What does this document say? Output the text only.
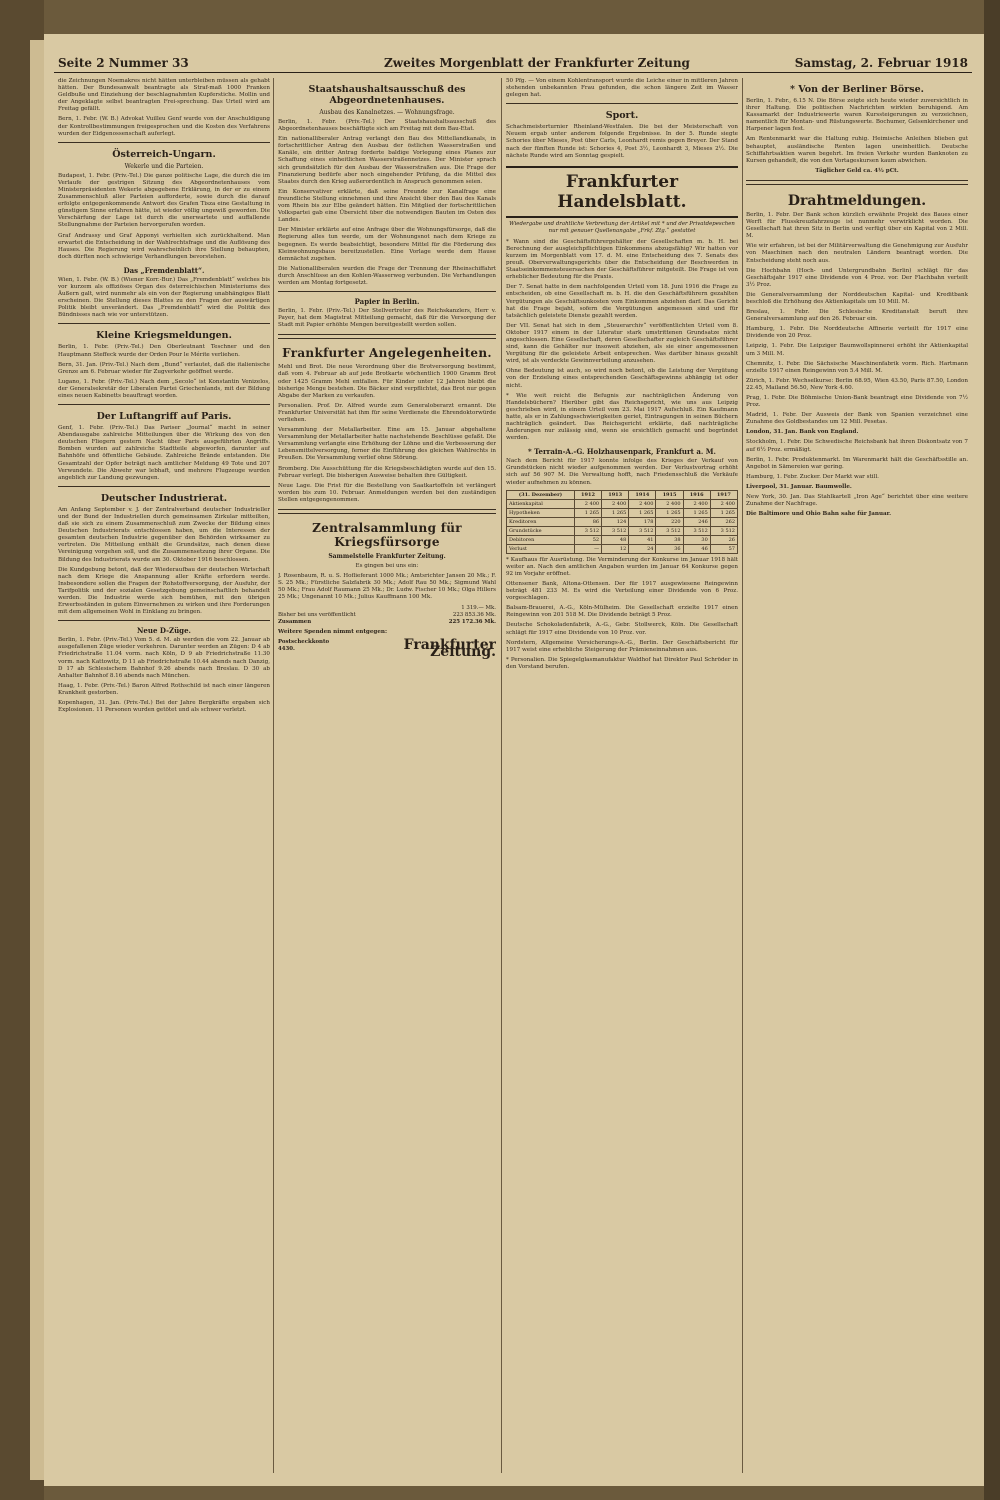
Seite 2 Nummer 33	Zweites Morgenblatt der Frankfurter Zeitung	Samstag, 2. Februar 1918

die Zeichnungen Noemakres nicht hätten unterbleiben müssen als gehabt hätten. Der Bundesanwalt beantragte als Straf-maß 1000 Franken Geldbuße und Einziehung der beschlagnahmten Kupferstiche. Mollin und der Angeklagte selbst beantragten Frei-sprechung. Das Urteil wird am Freitag gefällt.

Bern, 1. Febr. (W. B.) Advokat Vuilleu Genf wurde von der Anschuldigung der Kontrollbestimmungen freigesprochen und die Kosten des Verfahrens wurden der Eidgenossenschaft auferlegt.

Österreich-Ungarn.
Wekerle und die Parteien.

Budapest, 1. Febr. (Priv.-Tel.) Die ganze politische Lage, die durch die im Verlaufe der gestrigen Sitzung des Abgeordnetenhauses vom Ministerpräsidenten Wekerle abgegebene Erklärung, in der er zu einem Zusammenschluß aller Parteien aufforderte, sowie durch die darauf erfolgte entgegenkommende Antwort des Grafen Tisza eine Gestaltung in günstigem Sinne erfahren hätte, ist wieder völlig ungewiß geworden. Die Verschärfung der Lage ist durch die unerwartete und auffallende Stellungnahme der Parteien hervorgerufen worden.

Graf Andrassy und Graf Apponyi verhielten sich zurückhaltend. Man erwartet die Entscheidung in der Wahlrechtsfrage und die Auflösung des Hauses. Die Regierung wird wahrscheinlich ihre Stellung behaupten, doch dürften noch schwierige Verhandlungen bevorstehen.

Das „Fremdenblatt“.

Wien, 1. Febr. (W. B.) (Wiener Korr.-Bur.) Das „Fremdenblatt“ welches bis vor kurzem als offiziöses Organ des österreichischen Ministeriums des Äußern galt, wird nunmehr als ein von der Regierung unabhängiges Blatt erscheinen. Die Stellung dieses Blattes zu den Fragen der auswärtigen Politik bleibt unverändert. Das „Fremdenblatt“ wird die Politik des Bündnisses nach wie vor unterstützen.

Kleine Kriegsmeldungen.

Berlin, 1. Febr. (Priv.-Tel.) Den Oberleutnant Teschner und den Hauptmann Steffeck wurde der Orden Pour le Mérite verliehen.

Bern, 31. Jan. (Priv.-Tel.) Nach dem „Bund“ verlautet, daß die italienische Grenze am 6. Februar wieder für Zugverkehr geöffnet werde.

Lugano, 1. Febr. (Priv.-Tel.) Nach dem „Secolo“ ist Konstantin Venizelos, der Generalsekretär der Liberalen Partei Griechenlands, mit der Bildung eines neuen Kabinetts beauftragt worden.

Der Luftangriff auf Paris.

Genf, 1. Febr. (Priv.-Tel.) Das Pariser „Journal“ macht in seiner Abendausgabe zahlreiche Mitteilungen über die Wirkung des von den deutschen Fliegern gestern Nacht über Paris ausgeführten Angriffs. Bomben wurden auf zahlreiche Stadtteile abgeworfen, darunter auf Bahnhöfe und öffentliche Gebäude. Zahlreiche Brände entstanden. Die Gesamtzahl der Opfer beträgt nach amtlicher Meldung 49 Tote und 207 Verwundete. Die Abwehr war lebhaft, und mehrere Flugzeuge wurden angeblich zur Landung gezwungen.

Deutscher Industrierat.

Am Anfang September v. J. der Zentralverband deutscher Industrieller und der Bund der Industriellen durch gemeinsamen Zirkular mitteilten, daß sie sich zu einem Zusammenschluß zum Zwecke der Bildung eines Deutschen Industrierats entschlossen haben, um die Interessen der gesamten deutschen Industrie gegenüber den Behörden wirksamer zu vertreten. Die Mitteilung enthält die Grundsätze, nach denen diese Vereinigung vorgehen soll, und die Zusammensetzung ihrer Organe. Die Bildung des Industrierats wurde am 30. Oktober 1916 beschlossen.

Die Kundgebung betont, daß der Wiederaufbau der deutschen Wirtschaft nach dem Kriege die Anspannung aller Kräfte erfordern werde. Insbesondere sollen die Fragen der Rohstoffversorgung, der Ausfuhr, der Tarifpolitik und der sozialen Gesetzgebung gemeinschaftlich behandelt werden. Die Industrie werde sich bemühen, mit den übrigen Erwerbsständen in gutem Einvernehmen zu wirken und ihre Forderungen mit dem allgemeinen Wohl in Einklang zu bringen.

Neue D-Züge.

Berlin, 1. Febr. (Priv.-Tel.) Vom 5. d. M. ab werden die vom 22. Januar ab ausgefallenen Züge wieder verkehren. Darunter werden an Zügen: D 4 ab Friedrichstraße 11.04 vorm. nach Köln, D 9 ab Friedrichstraße 11.30 vorm. nach Kattowitz, D 11 ab Friedrichstraße 10.44 abends nach Danzig, D 17 ab Schlesischem Bahnhof 9.26 abends nach Breslau. D 30 ab Anhalter Bahnhof 8.16 abends nach München.

Haag, 1. Febr. (Priv.-Tel.) Baron Alfred Rothschild ist nach einer längeren Krankheit gestorben.

Kopenhagen, 31. Jan. (Priv.-Tel.) Bei der Jahre Bergkräfte ergaben sich Explosionen. 11 Personen wurden getötet und als schwer verletzt.

Staatshaushaltsausschuß des Abgeordnetenhauses.
Ausbau des Kanalnetzes. — Wohnungsfrage.

Berlin, 1. Febr. (Priv.-Tel.) Der Staatshaushaltsausschuß des Abgeordnetenhauses beschäftigte sich am Freitag mit dem Bau-Etat.

Ein nationalliberaler Antrag verlangt den Bau des Mittellandkanals, in fortschrittlicher Antrag den Ausbau der östlichen Wasserstraßen und Kanäle, ein dritter Antrag forderte baldige Vorlegung eines Planes zur Schaffung eines einheitlichen Wasserstraßennetzes. Der Minister sprach sich grundsätzlich für den Ausbau der Wasserstraßen aus. Die Frage der Finanzierung bedürfe aber noch eingehender Prüfung, da die Mittel des Staates durch den Krieg außerordentlich in Anspruch genommen seien.

Ein Konservativer erklärte, daß seine Freunde zur Kanalfrage eine freundliche Stellung einnehmen und ihre Ansicht über den Bau des Kanals vom Rhein bis zur Elbe geändert hätten. Ein Mitglied der fortschrittlichen Volkspartei gab eine Übersicht über die notwendigen Bauten im Osten des Landes.

Der Minister erklärte auf eine Anfrage über die Wohnungsfürsorge, daß die Regierung alles tun werde, um der Wohnungsnot nach dem Kriege zu begegnen. Es werde beabsichtigt, besondere Mittel für die Förderung des Kleinwohnungsbaus bereitzustellen. Eine Vorlage werde dem Hause demnächst zugehen.

Die Nationalliberalen wurden die Frage der Trennung der Rheinschiffahrt durch Anschlüsse an den Kohlen-Wasserweg verbunden. Die Verhandlungen werden am Montag fortgesetzt.

Papier in Berlin.

Berlin, 1. Febr. (Priv.-Tel.) Der Stellvertreter des Reichskanzlers, Herr v. Payer, hat dem Magistrat Mitteilung gemacht, daß für die Versorgung der Stadt mit Papier erhöhte Mengen bereitgestellt werden sollen.

Frankfurter Angelegenheiten.

Mehl und Brot. Die neue Verordnung über die Brotversorgung bestimmt, daß vom 4. Februar ab auf jede Brotkarte wöchentlich 1900 Gramm Brot oder 1425 Gramm Mehl entfallen. Für Kinder unter 12 Jahren bleibt die bisherige Menge bestehen. Die Bäcker sind verpflichtet, das Brot nur gegen Abgabe der Marken zu verkaufen.

Personalien. Prof. Dr. Alfred wurde zum Generaloberarzt ernannt. Die Frankfurter Universität hat ihm für seine Verdienste die Ehrendoktorwürde verliehen.

Versammlung der Metallarbeiter. Eine am 15. Januar abgehaltene Versammlung der Metallarbeiter hatte nachstehende Beschlüsse gefaßt. Die Versammlung verlangte eine Erhöhung der Löhne und die Verbesserung der Lebensmittelversorgung, ferner die Einführung des gleichen Wahlrechts in Preußen. Die Versammlung verlief ohne Störung.

Bromberg. Die Ausschüttung für die Kriegsbeschädigten wurde auf den 15. Februar verlegt. Die bisherigen Ausweise behalten ihre Gültigkeit.

Neue Lage. Die Frist für die Bestellung von Saatkartoffeln ist verlängert worden bis zum 10. Februar. Anmeldungen werden bei den zuständigen Stellen entgegengenommen.

Zentralsammlung für Kriegsfürsorge
Sammelstelle Frankfurter Zeitung.

Es gingen bei uns ein:

J. Rosenbaum, R. u. S. Hoflieferant 1000 Mk.; Amtsrichter Jansen 20 Mk.; F. S. 25 Mk.; Fürstliche Salzfabrik 30 Mk.; Adolf Rau 50 Mk.; Sigmund Wahl 50 Mk.; Frau Adolf Raumann 25 Mk.; Dr. Ludw. Fischer 10 Mk.; Olga Hillers 25 Mk.; Ungenannt 10 Mk.; Julius Kauffmann 100 Mk.

1 319.— Mk.
Bisher bei uns veröffentlicht	223 853.36 Mk.
Zusammen	225 172.36 Mk.

Weitere Spenden nimmt entgegen:

Postscheckkonto 4430.	Frankfurter Zeitung.

50 Pfg. — Von einem Kohlentransport wurde die Leiche einer in mittleren Jahren stehenden unbekannten Frau gefunden, die schon längere Zeit im Wasser gelegen hat.

Sport.

Schachmeisterturnier Rheinland-Westfalen. Die bei der Meisterschaft von Neuem ergab unter anderem folgende Ergebnisse. In der 5. Runde siegte Schories über Mieses, Post über Carls, Leonhardt remis gegen Breyer. Der Stand nach der fünften Runde ist: Schories 4, Post 3½, Leonhardt 3, Mieses 2½. Die nächste Runde wird am Sonntag gespielt.

Frankfurter Handelsblatt.
Wiedergabe und drahtliche Verbreitung der Artikel mit * und der Privatdepeschen nur mit genauer Quellenangabe „Frkf. Ztg.“ gestattet

* Wann sind die Geschäftsführergehälter der Gesellschaften m. b. H. bei Berechnung der ausgleichpflichtigen Einkommens abzugsfähig? Wir hatten vor kurzem im Morgenblatt vom 17. d. M. eine Entscheidung des 7. Senats des preuß. Oberverwaltungsgerichts über die Entscheidung der Beschwerden in Staatseinkommensteuersachen der Geschäftsführer mitgeteilt. Die Frage ist von erheblicher Bedeutung für die Praxis.

Der 7. Senat hatte in dem nachfolgenden Urteil vom 18. Juni 1916 die Frage zu entscheiden, ob eine Gesellschaft m. b. H. die den Geschäftsführern gezahlten Vergütungen als Geschäftsunkosten vom Einkommen abziehen darf. Das Gericht hat die Frage bejaht, sofern die Vergütungen angemessen sind und für tatsächlich geleistete Dienste gezahlt werden.

Der VII. Senat hat sich in dem „Steuerarchiv“ veröffentlichten Urteil vom 8. Oktober 1917 einem in der Literatur stark umstrittenen Grundsatze nicht angeschlossen. Eine Gesellschaft, deren Gesellschafter zugleich Geschäftsführer sind, kann die Gehälter nur insoweit abziehen, als sie einer angemessenen Vergütung für die geleistete Arbeit entsprechen. Was darüber hinaus gezahlt wird, ist als verdeckte Gewinnverteilung anzusehen.

Ohne Bedeutung ist auch, so wird noch betont, ob die Leistung der Vergütung von der Erzielung eines entsprechenden Geschäftsgewinns abhängig ist oder nicht.

* Wie weit reicht die Befugnis zur nachträglichen Änderung von Handelsbüchern? Hierüber gibt das Reichsgericht, wie uns aus Leipzig geschrieben wird, in einem Urteil vom 23. Mai 1917 Aufschluß. Ein Kaufmann hatte, als er in Zahlungsschwierigkeiten geriet, Eintragungen in seinen Büchern nachträglich geändert. Das Reichsgericht erklärte, daß nachträgliche Änderungen nur zulässig sind, wenn sie ersichtlich gemacht und begründet werden.

* Terrain-A.-G. Holzhausenpark, Frankfurt a. M.

Nach dem Bericht für 1917 konnte infolge des Krieges der Verkauf von Grundstücken nicht wieder aufgenommen werden. Der Verlustvortrag erhöht sich auf 56 907 M. Die Verwaltung hofft, nach Friedensschluß die Verkäufe wieder aufnehmen zu können.

(31. Dezember)	1912	1913	1914	1915	1916	1917
Aktienkapital	2 400	2 400	2 400	2 400	2 400	2 400
Hypotheken	1 265	1 265	1 265	1 265	1 265	1 265
Kreditoren	86	124	178	220	246	262
Grundstücke	3 512	3 512	3 512	3 512	3 512	3 512
Debitoren	52	48	41	38	30	26
Verlust	—	12	24	36	46	57

* Kaufhaus für Ausrüstung. Die Verminderung der Konkurse im Januar 1918 hält weiter an. Nach den amtlichen Angaben wurden im Januar 64 Konkurse gegen 92 im Vorjahr eröffnet.

Ottensener Bank, Altona-Ottensen. Der für 1917 ausgewiesene Reingewinn beträgt 481 233 M. Es wird die Verteilung einer Dividende von 6 Proz. vorgeschlagen.

Balsam-Brauerei, A.-G., Köln-Mülheim. Die Gesellschaft erzielte 1917 einen Reingewinn von 201 518 M. Die Dividende beträgt 5 Proz.

Deutsche Schokoladenfabrik, A.-G., Gebr. Stollwerck, Köln. Die Gesellschaft schlägt für 1917 eine Dividende von 10 Proz. vor.

Nordstern, Allgemeine Versicherungs-A.-G., Berlin. Der Geschäftsbericht für 1917 weist eine erhebliche Steigerung der Prämieneinnahmen aus.

* Personalien. Die Spiegelglasmanufaktur Waldhof hat Direktor Paul Schröder in den Vorstand berufen.

* Von der Berliner Börse.

Berlin, 1. Febr., 6.15 N. Die Börse zeigte sich heute wieder zuversichtlich in ihrer Haltung. Die politischen Nachrichten wirkten beruhigend. Am Kassamarkt der Industriewerte waren Kurssteigerungen zu verzeichnen, namentlich für Montan- und Rüstungswerte. Bochumer, Gelsenkirchener und Harpener lagen fest.

Am Rentenmarkt war die Haltung ruhig. Heimische Anleihen blieben gut behauptet, ausländische Renten lagen uneinheitlich. Deutsche Schiffahrtsaktien waren begehrt. Im freien Verkehr wurden Banknoten zu Kursen gehandelt, die von den Vortageskursen kaum abwichen.

Täglicher Geld ca. 4½ pCt.

Drahtmeldungen.

Berlin, 1. Febr. Der Bank schon kürzlich erwähnte Projekt des Baues einer Werft für Flusskreuzfahrzeuge ist nunmehr verwirklicht worden. Die Gesellschaft hat ihren Sitz in Berlin und verfügt über ein Kapital von 2 Mill. M.

Wie wir erfahren, ist bei der Militärverwaltung die Genehmigung zur Ausfuhr von Maschinen nach den neutralen Ländern beantragt worden. Die Entscheidung steht noch aus.

Die Hochbahn (Hoch- und Untergrundbahn Berlin) schlägt für das Geschäftsjahr 1917 eine Dividende von 4 Proz. vor. Der Flachbahn verteilt 3½ Proz.

Die Generalversammlung der Norddeutschen Kapital- und Kreditbank beschloß die Erhöhung des Aktienkapitals um 10 Mill. M.

Breslau, 1. Febr. Die Schlesische Kreditanstalt beruft ihre Generalversammlung auf den 26. Februar ein.

Hamburg, 1. Febr. Die Norddeutsche Affinerie verteilt für 1917 eine Dividende von 20 Proz.

Leipzig, 1. Febr. Die Leipziger Baumwollspinnerei erhöht ihr Aktienkapital um 3 Mill. M.

Chemnitz, 1. Febr. Die Sächsische Maschinenfabrik vorm. Rich. Hartmann erzielte 1917 einen Reingewinn von 5.4 Mill. M.

Zürich, 1. Febr. Wechselkurse: Berlin 68.95, Wien 43.50, Paris 87.50, London 22.45, Mailand 56.50, New York 4.60.

Prag, 1. Febr. Die Böhmische Union-Bank beantragt eine Dividende von 7½ Proz.

Madrid, 1. Febr. Der Ausweis der Bank von Spanien verzeichnet eine Zunahme des Goldbestandes um 12 Mill. Pesetas.

London, 31. Jan. Bank von England.

Stockholm, 1. Febr. Die Schwedische Reichsbank hat ihren Diskontsatz von 7 auf 6½ Proz. ermäßigt.

Berlin, 1. Febr. Produktenmarkt. Im Warenmarkt hält die Geschäftsstille an. Angebot in Sämereien war gering.

Hamburg, 1. Febr. Zucker. Der Markt war still.

Liverpool, 31. Januar. Baumwolle.

New York, 30. Jan. Das Stahlkartell „Iron Age“ berichtet über eine weitere Zunahme der Nachfrage.

Die Baltimore und Ohio Bahn sahe für Januar.
